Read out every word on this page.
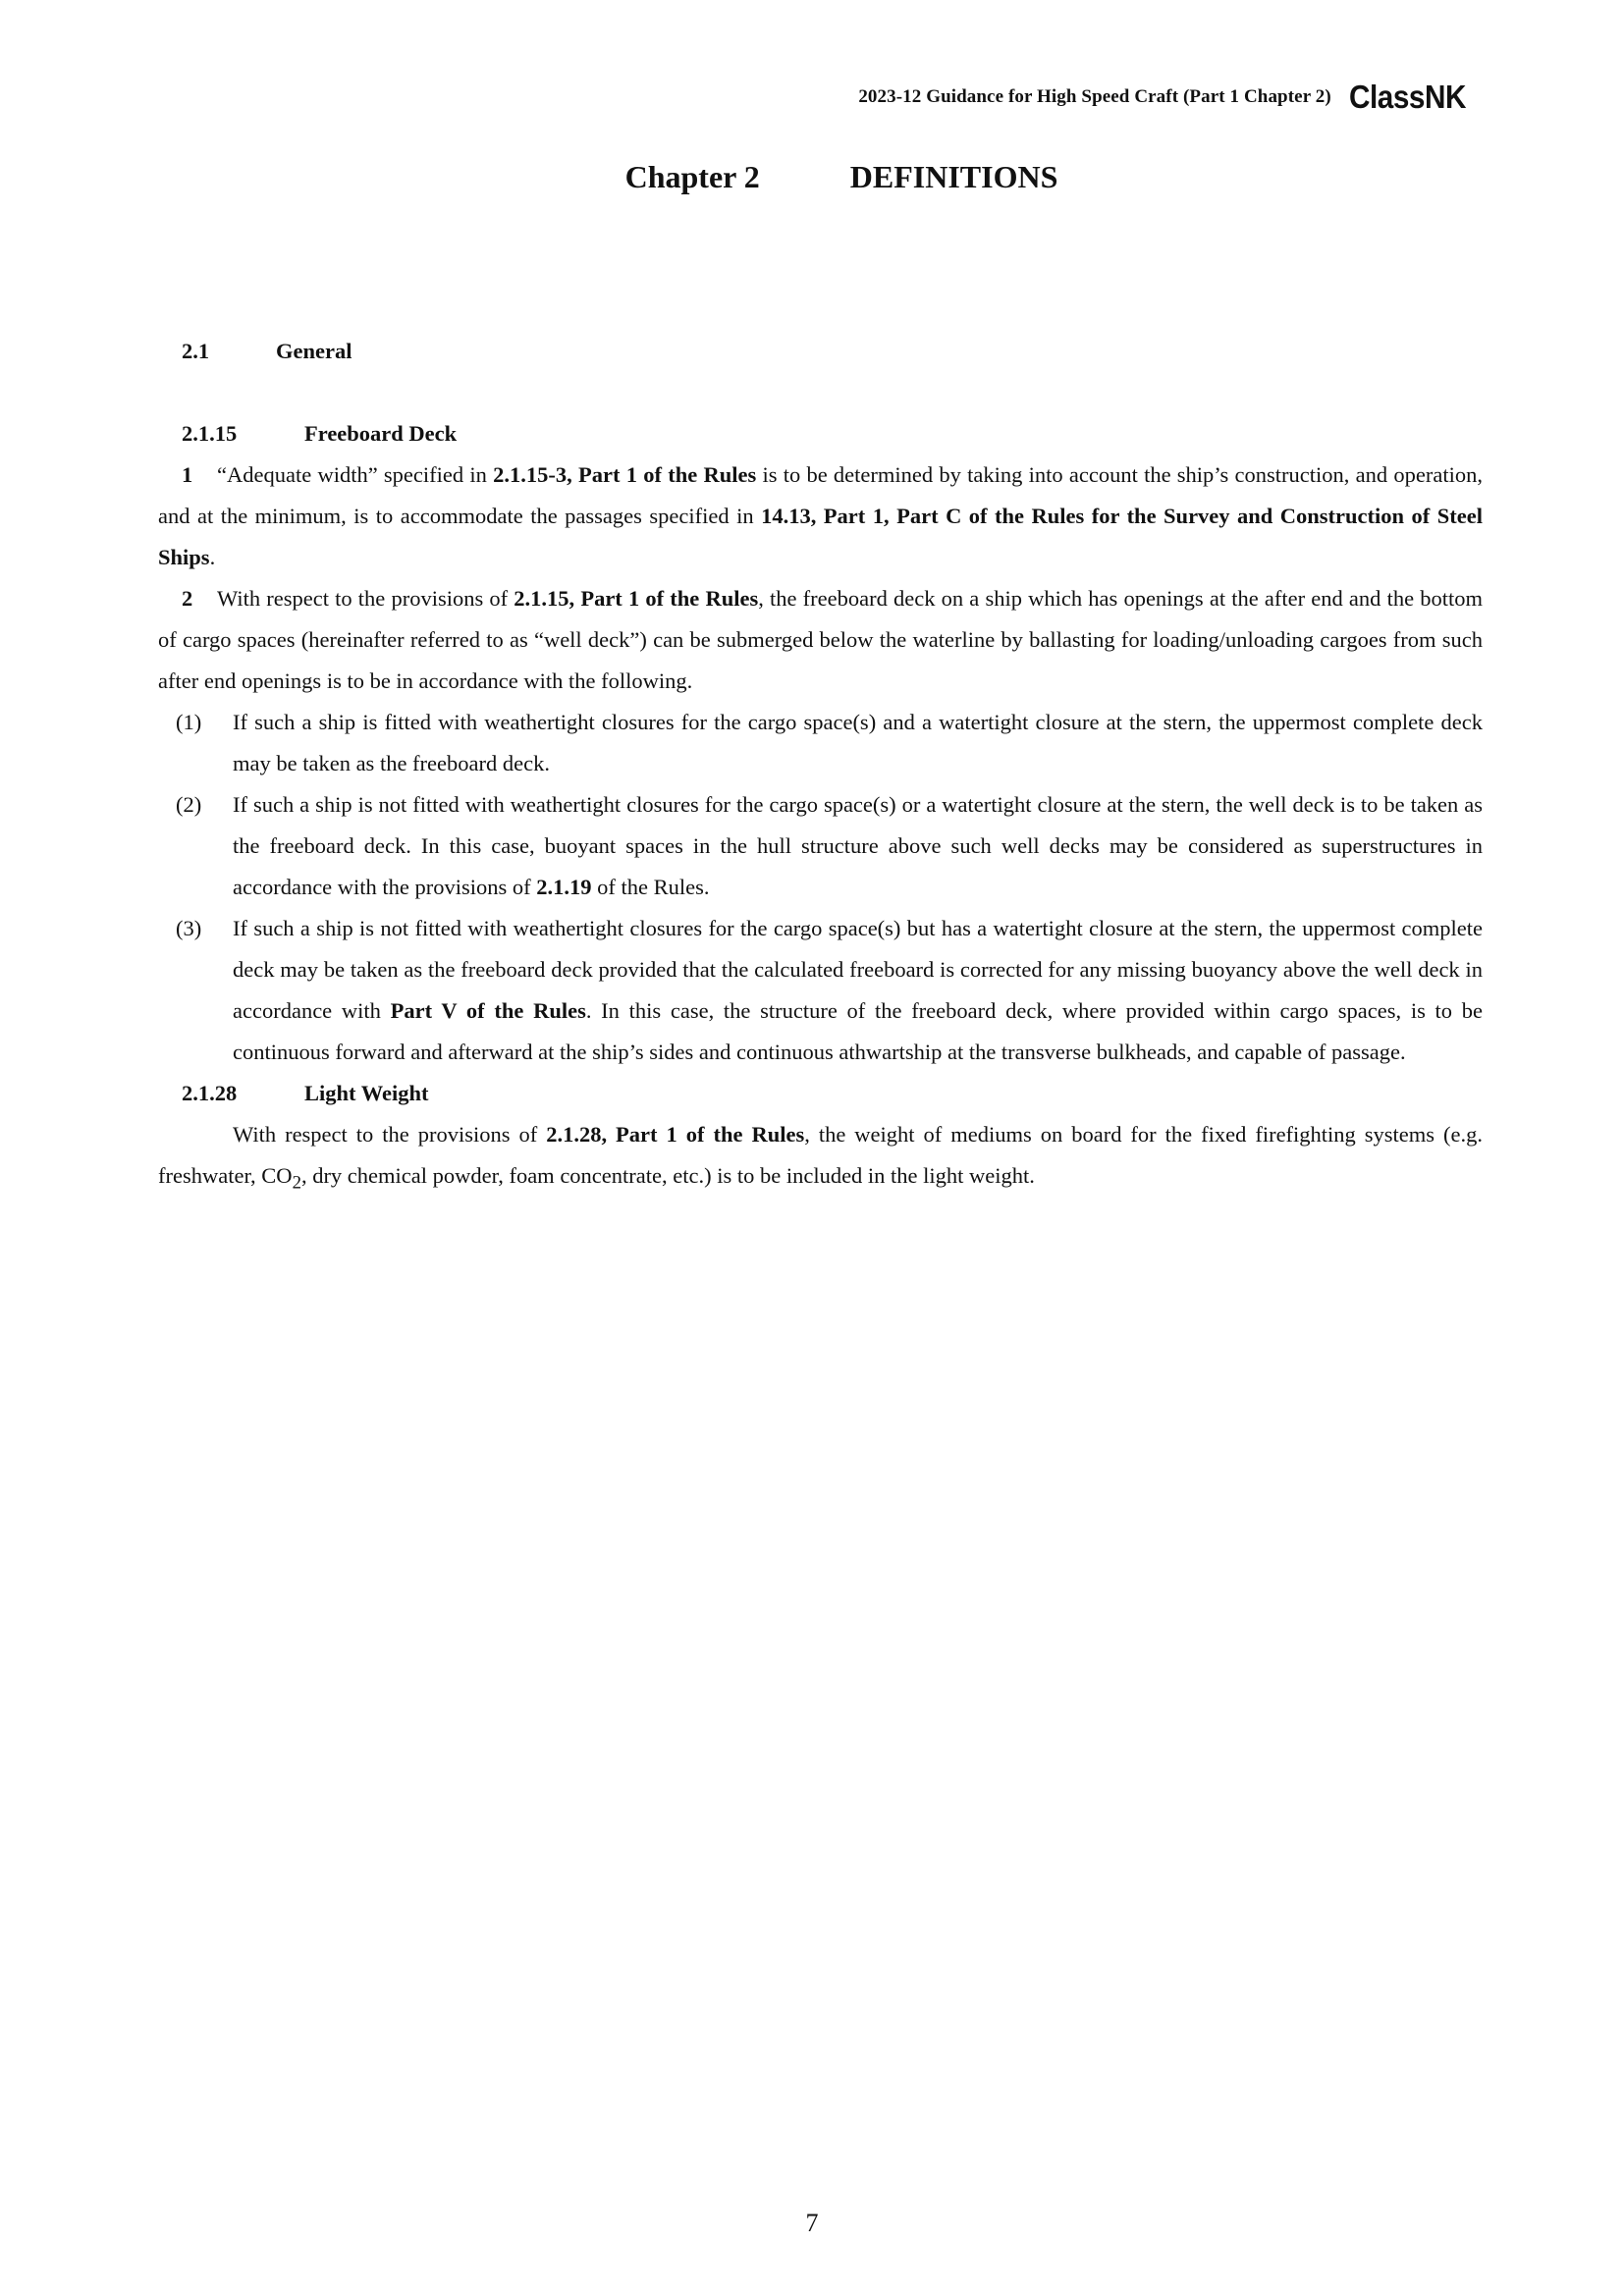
2023-12 Guidance for High Speed Craft (Part 1 Chapter 2) ClassNK
Chapter 2	DEFINITIONS
2.1	General
2.1.15	Freeboard Deck

1 “Adequate width” specified in 2.1.15-3, Part 1 of the Rules is to be determined by taking into account the ship’s construction, and operation, and at the minimum, is to accommodate the passages specified in 14.13, Part 1, Part C of the Rules for the Survey and Construction of Steel Ships.

2 With respect to the provisions of 2.1.15, Part 1 of the Rules, the freeboard deck on a ship which has openings at the after end and the bottom of cargo spaces (hereinafter referred to as “well deck”) can be submerged below the waterline by ballasting for loading/unloading cargoes from such after end openings is to be in accordance with the following.

(1)	If such a ship is fitted with weathertight closures for the cargo space(s) and a watertight closure at the stern, the uppermost complete deck may be taken as the freeboard deck.
(2)	If such a ship is not fitted with weathertight closures for the cargo space(s) or a watertight closure at the stern, the well deck is to be taken as the freeboard deck. In this case, buoyant spaces in the hull structure above such well decks may be considered as superstructures in accordance with the provisions of 2.1.19 of the Rules.
(3)	If such a ship is not fitted with weathertight closures for the cargo space(s) but has a watertight closure at the stern, the uppermost complete deck may be taken as the freeboard deck provided that the calculated freeboard is corrected for any missing buoyancy above the well deck in accordance with Part V of the Rules. In this case, the structure of the freeboard deck, where provided within cargo spaces, is to be continuous forward and afterward at the ship’s sides and continuous athwartship at the transverse bulkheads, and capable of passage.
2.1.28	Light Weight

With respect to the provisions of 2.1.28, Part 1 of the Rules, the weight of mediums on board for the fixed firefighting systems (e.g. freshwater, $CO_2$, dry chemical powder, foam concentrate, etc.) is to be included in the light weight.

7
